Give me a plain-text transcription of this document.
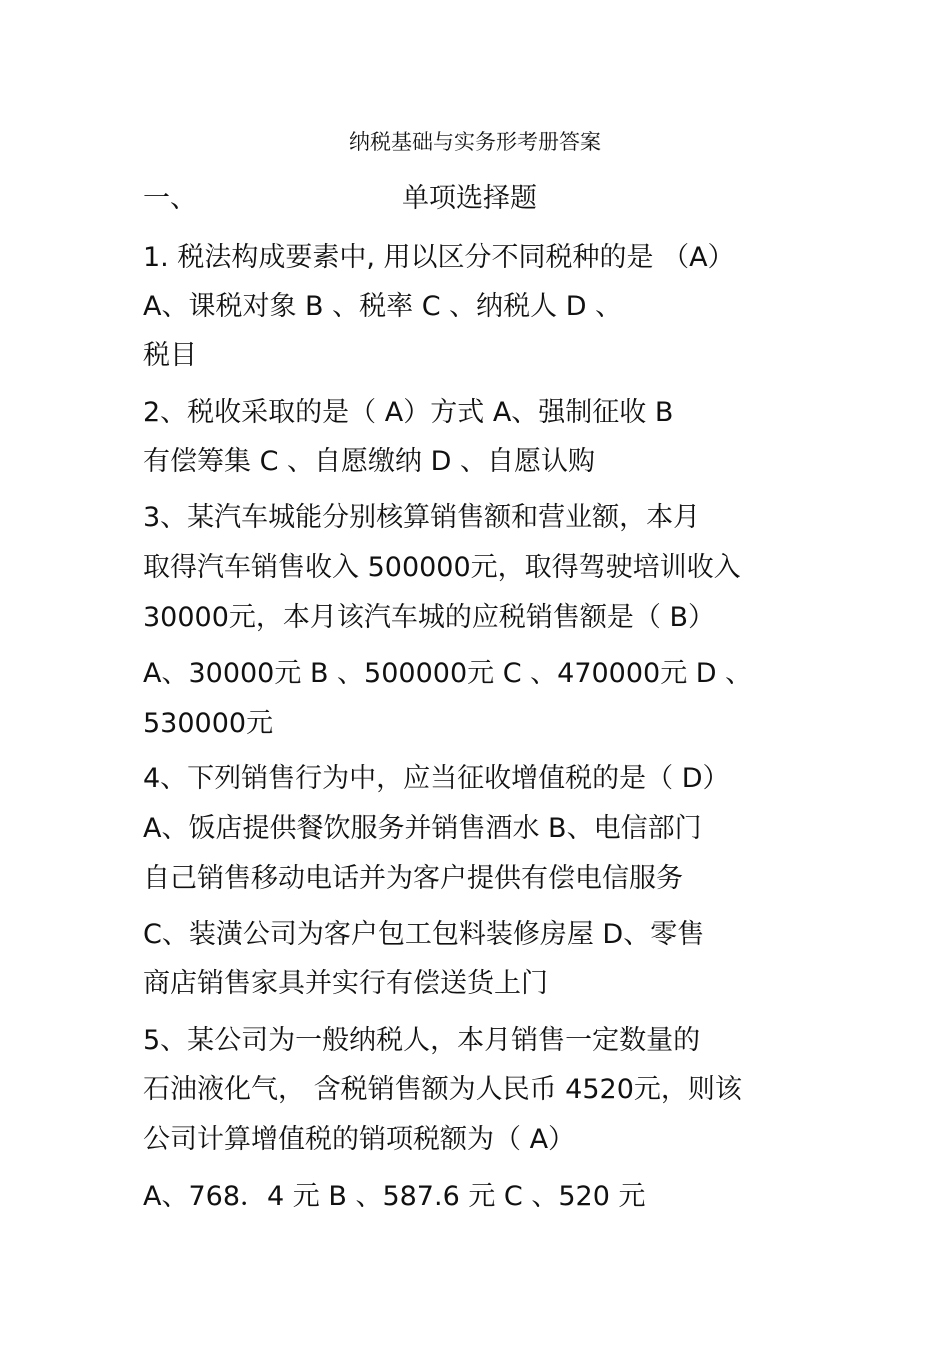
纳税基础与实务形考册答案
一、	单项选择题
1. 税法构成要素中, 用以区分不同税种的是 （A）
A、课税对象 B 、税率 C 、纳税人 D 、
税目
2、税收采取的是（ A）方式 A、强制征收 B
有偿筹集 C 、自愿缴纳 D 、自愿认购
3、某汽车城能分别核算销售额和营业额，本月
取得汽车销售收入 500000元，取得驾驶培训收入
30000元，本月该汽车城的应税销售额是（ B）
A、30000元 B 、500000元 C 、470000元 D 、
530000元
4、下列销售行为中，应当征收增值税的是（ D）
A、饭店提供餐饮服务并销售酒水 B、电信部门
自己销售移动电话并为客户提供有偿电信服务
C、装潢公司为客户包工包料装修房屋 D、零售
商店销售家具并实行有偿送货上门
5、某公司为一般纳税人，本月销售一定数量的
石油液化气， 含税销售额为人民币 4520元，则该
公司计算增值税的销项税额为（ A）
A、768．4 元 B 、587.6 元 C 、520 元
